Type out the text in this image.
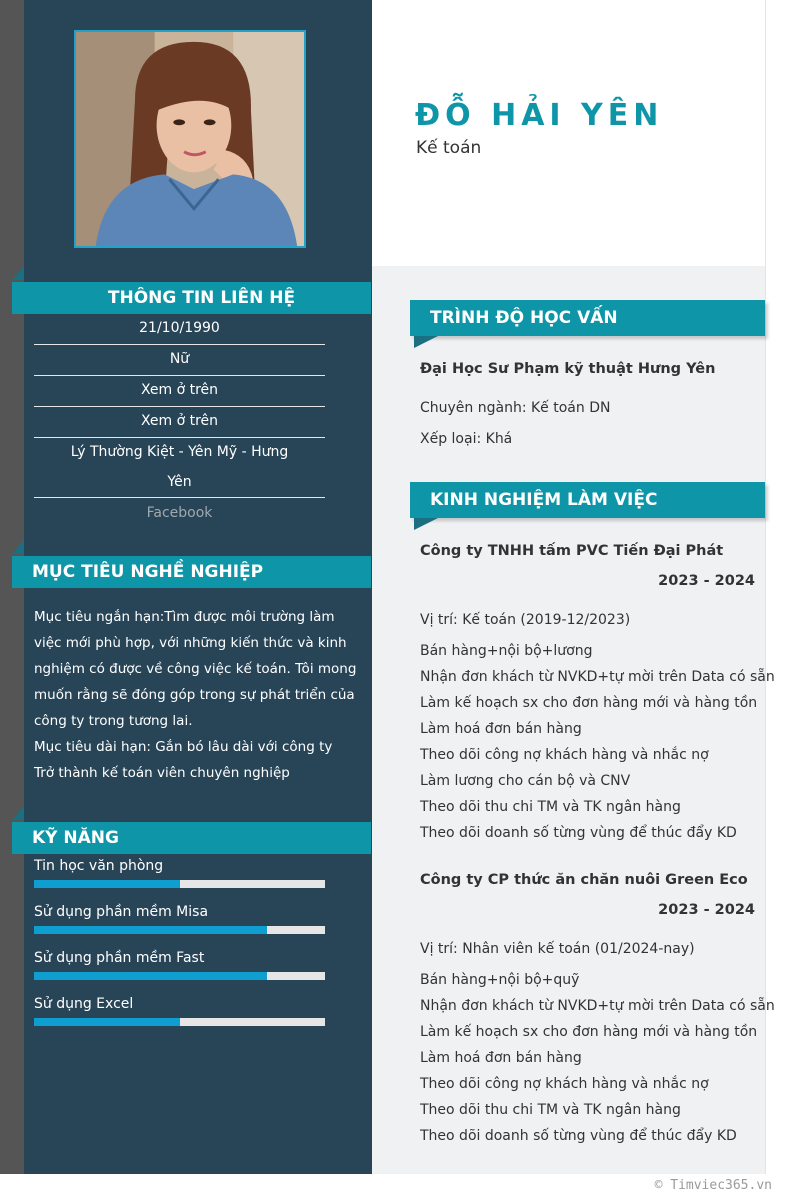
ĐỖ HẢI YÊN
Kế toán
THÔNG TIN LIÊN HỆ
21/10/1990
Nữ
Xem ở trên
Xem ở trên
Lý Thường Kiệt - Yên Mỹ - Hưng
Yên
Facebook
MỤC TIÊU NGHỀ NGHIỆP
Mục tiêu ngắn hạn:Tìm được môi trường làm
việc mới phù hợp, với những kiến thức và kinh
nghiệm có được về công việc kế toán. Tôi mong
muốn rằng sẽ đóng góp trong sự phát triển của
công ty trong tương lai.
Mục tiêu dài hạn: Gắn bó lâu dài với công ty
Trở thành kế toán viên chuyên nghiệp
KỸ NĂNG
Tin học văn phòng
Sử dụng phần mềm Misa
Sử dụng phần mềm Fast
Sử dụng Excel
TRÌNH ĐỘ HỌC VẤN
Đại Học Sư Phạm kỹ thuật Hưng Yên
Chuyên ngành: Kế toán DN
Xếp loại: Khá
KINH NGHIỆM LÀM VIỆC
Công ty TNHH tấm PVC Tiến Đại Phát
2023 - 2024
Vị trí: Kế toán (2019-12/2023)
Bán hàng+nội bộ+lương
Nhận đơn khách từ NVKD+tự mời trên Data có sẵn
Làm kế hoạch sx cho đơn hàng mới và hàng tồn
Làm hoá đơn bán hàng
Theo dõi công nợ khách hàng và nhắc nợ
Làm lương cho cán bộ và CNV
Theo dõi thu chi TM và TK ngân hàng
Theo dõi doanh số từng vùng để thúc đẩy KD
Công ty CP thức ăn chăn nuôi Green Eco
2023 - 2024
Vị trí: Nhân viên kế toán (01/2024-nay)
Bán hàng+nội bộ+quỹ
Nhận đơn khách từ NVKD+tự mời trên Data có sẵn
Làm kế hoạch sx cho đơn hàng mới và hàng tồn
Làm hoá đơn bán hàng
Theo dõi công nợ khách hàng và nhắc nợ
Theo dõi thu chi TM và TK ngân hàng
Theo dõi doanh số từng vùng để thúc đẩy KD
© Timviec365.vn
